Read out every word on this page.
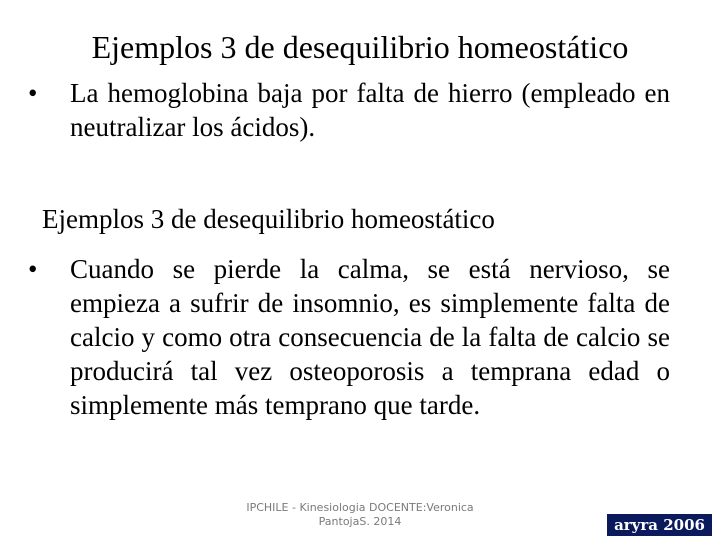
Ejemplos 3 de desequilibrio homeostático
•	La hemoglobina baja por falta de hierro (empleado en neutralizar los ácidos).
Ejemplos 3 de desequilibrio homeostático
•	Cuando se pierde la calma, se está nervioso, se empieza a sufrir de insomnio, es simplemente falta de calcio y como otra consecuencia de la falta de calcio se producirá tal vez osteoporosis a temprana edad o simplemente más temprano que tarde.
IPCHILE - Kinesiologia DOCENTE:Veronica
PantojaS. 2014	aryra 2006
